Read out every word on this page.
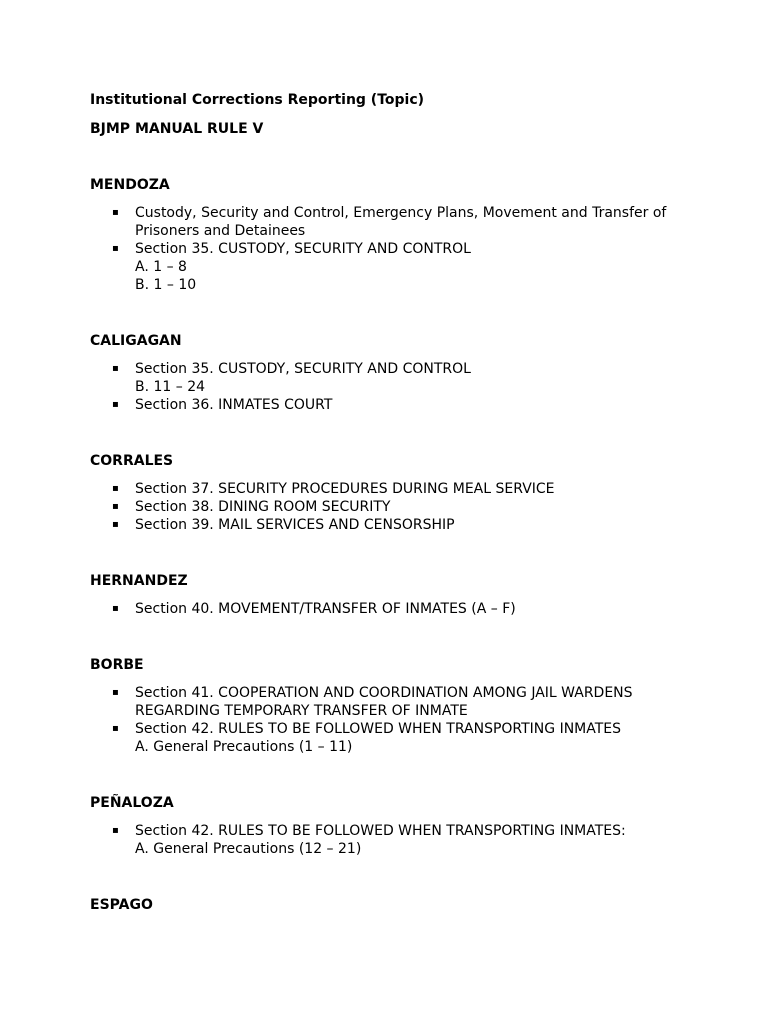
Institutional Corrections Reporting (Topic)

BJMP MANUAL RULE V

MENDOZA

▪ Custody, Security and Control, Emergency Plans, Movement and Transfer of Prisoners and Detainees
▪ Section 35. CUSTODY, SECURITY AND CONTROL
A. 1 – 8
B. 1 – 10

CALIGAGAN

▪ Section 35. CUSTODY, SECURITY AND CONTROL
B. 11 – 24
▪ Section 36. INMATES COURT

CORRALES

▪ Section 37. SECURITY PROCEDURES DURING MEAL SERVICE
▪ Section 38. DINING ROOM SECURITY
▪ Section 39. MAIL SERVICES AND CENSORSHIP

HERNANDEZ

▪ Section 40. MOVEMENT/TRANSFER OF INMATES (A – F)

BORBE

▪ Section 41. COOPERATION AND COORDINATION AMONG JAIL WARDENS REGARDING TEMPORARY TRANSFER OF INMATE
▪ Section 42. RULES TO BE FOLLOWED WHEN TRANSPORTING INMATES
A. General Precautions (1 – 11)

PEÑALOZA

▪ Section 42. RULES TO BE FOLLOWED WHEN TRANSPORTING INMATES:
A. General Precautions (12 – 21)

ESPAGO
